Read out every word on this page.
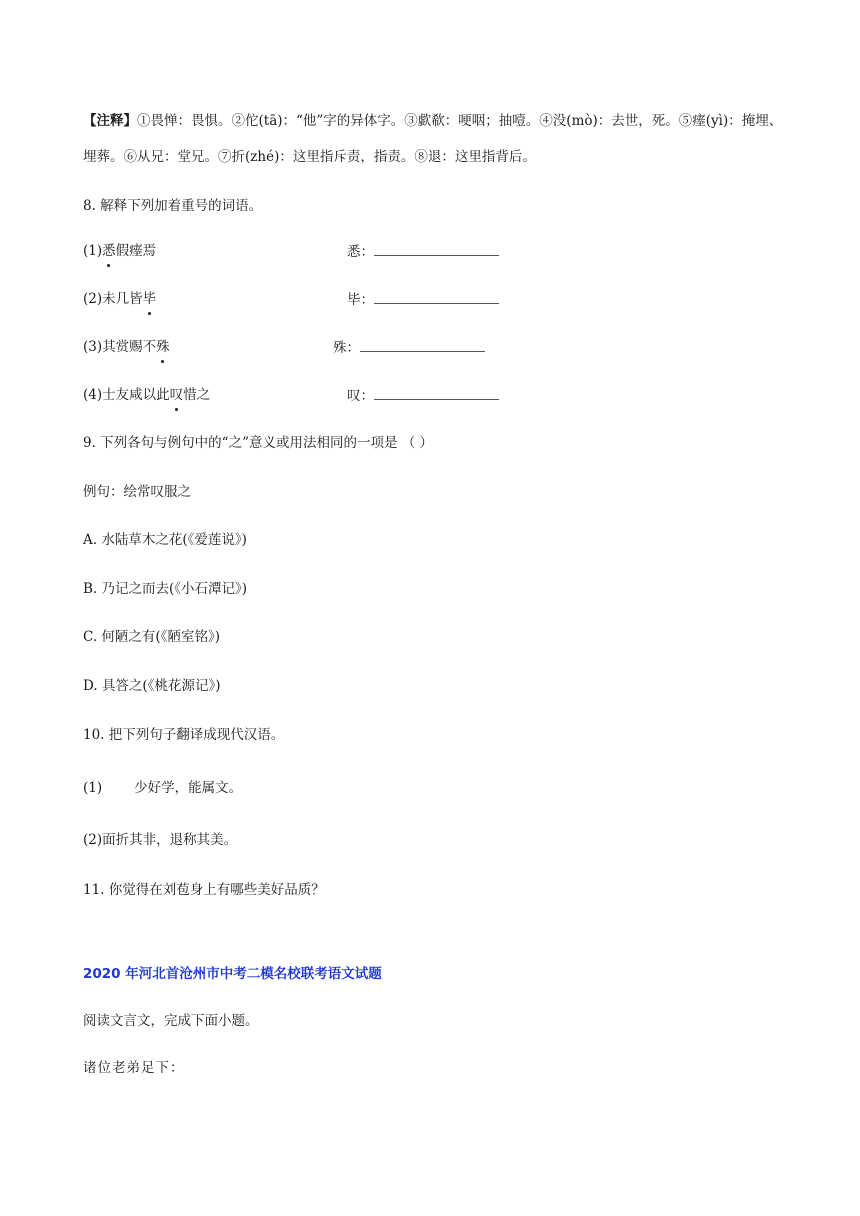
【注释】①畏惮：畏惧。②佗(tā)：“他”字的异体字。③歔欷：哽咽；抽噎。④没(mò)：去世，死。⑤瘗(yì)：掩埋、埋葬。⑥从兄：堂兄。⑦折(zhé)：这里指斥责，指责。⑧退：这里指背后。
8. 解释下列加着重号的词语。
(1)悉假瘗焉	悉：
(2)未几皆毕	毕：
(3)其赏赐不殊	殊：
(4)士友咸以此叹惜之	叹：
9. 下列各句与例句中的“之”意义或用法相同的一项是 （ ）
例句：绘常叹服之
A. 水陆草木之花(《爱莲说》)
B. 乃记之而去(《小石潭记》)
C. 何陋之有(《陋室铭》)
D. 具答之(《桃花源记》)
10. 把下列句子翻译成现代汉语。
(1) 少好学，能属文。
(2)面折其非，退称其美。
11. 你觉得在刘苞身上有哪些美好品质？
2020 年河北首沧州市中考二模名校联考语文试题
阅读文言文，完成下面小题。
诸位老弟足下：
